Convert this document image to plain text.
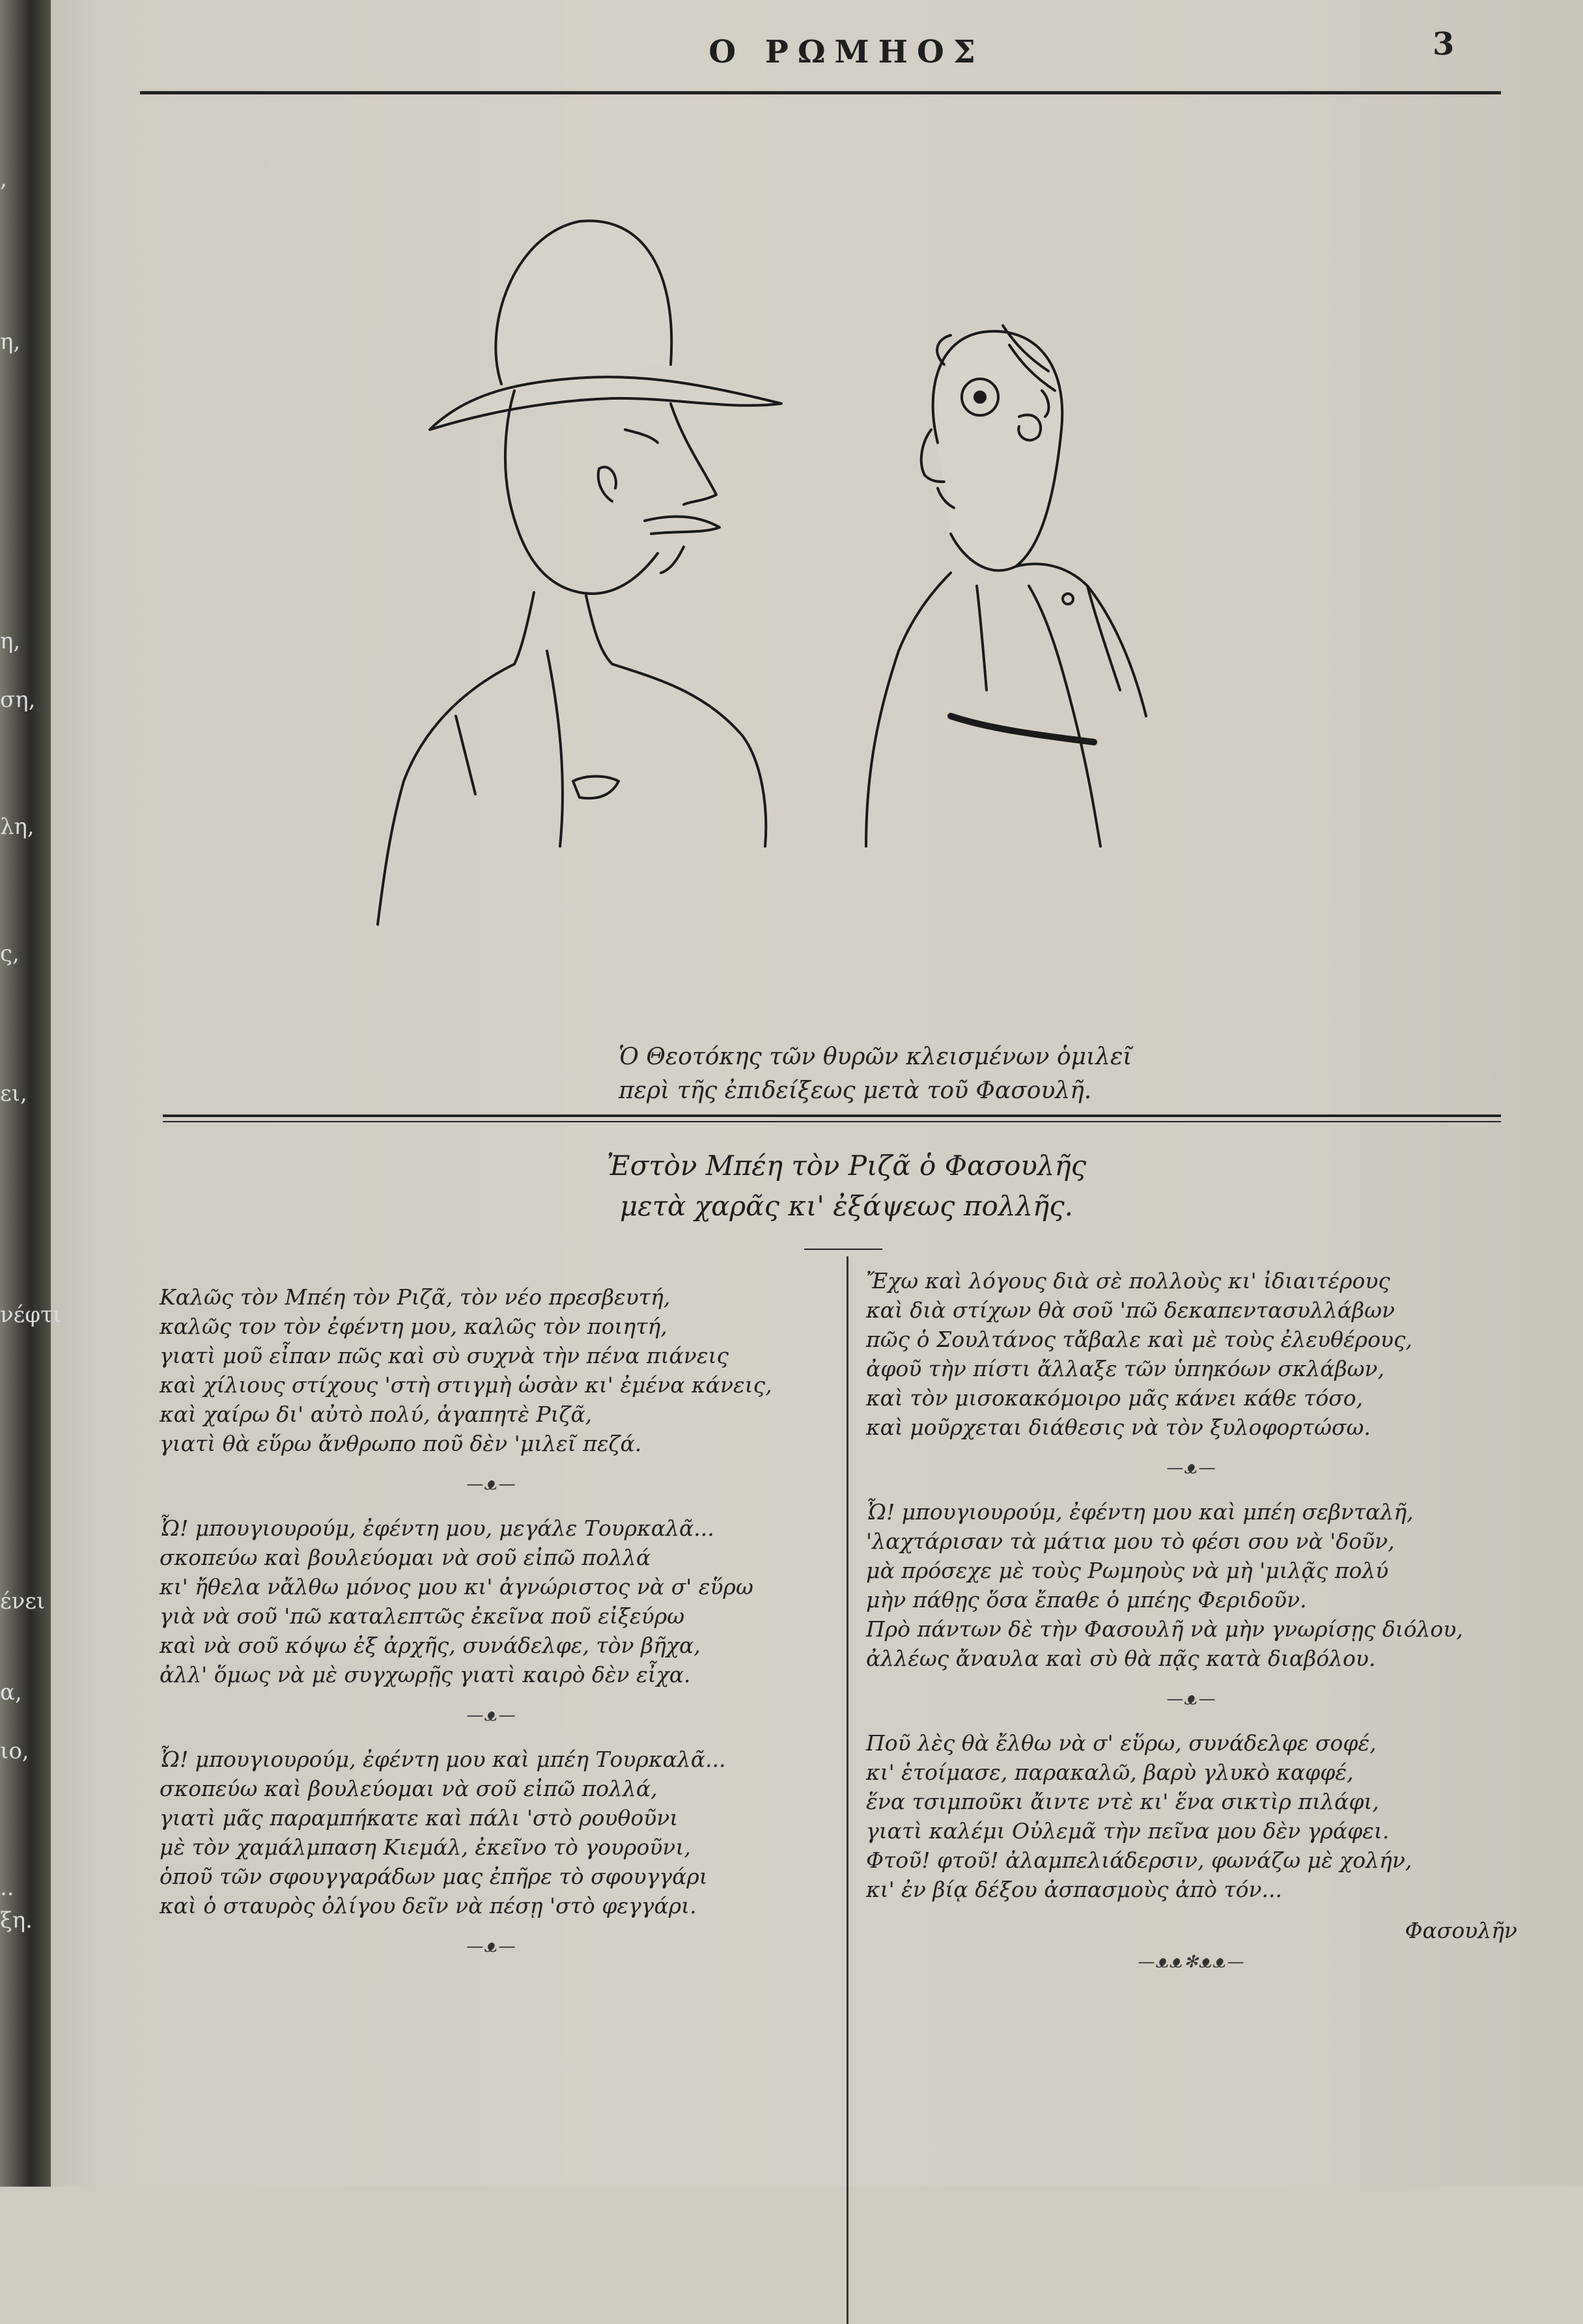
,
η,
η,
ση,
λη,
ς,
ει,
νέφτι
ένει
α,
ιο,
..
ξη.
Ο ΡΩΜΗΟΣ	3
Ὁ Θεοτόκης τῶν θυρῶν κλεισμένων ὁμιλεῖ
περὶ τῆς ἐπιδείξεως μετὰ τοῦ Φασουλῆ.
Ἐστὸν Μπέη τὸν Ριζᾶ ὁ Φασουλῆς
μετὰ χαρᾶς κι' ἐξάψεως πολλῆς.

Καλῶς τὸν Μπέη τὸν Ριζᾶ, τὸν νέο πρεσβευτή,

καλῶς τον τὸν ἐφέντη μου, καλῶς τὸν ποιητή,

γιατὶ μοῦ εἶπαν πῶς καὶ σὺ συχνὰ τὴν πένα πιάνεις

καὶ χίλιους στίχους 'στὴ στιγμὴ ὡσὰν κι' ἐμένα κάνεις,

καὶ χαίρω δι' αὐτὸ πολύ, ἀγαπητὲ Ριζᾶ,

γιατὶ θὰ εὕρω ἄνθρωπο ποῦ δὲν 'μιλεῖ πεζά.

—ᴥ—

Ὦ! μπουγιουρούμ, ἐφέντη μου, μεγάλε Τουρκαλᾶ...

σκοπεύω καὶ βουλεύομαι νὰ σοῦ εἰπῶ πολλά

κι' ἤθελα νἄλθω μόνος μου κι' ἀγνώριστος νὰ σ' εὕρω

γιὰ νὰ σοῦ 'πῶ καταλεπτῶς ἐκεῖνα ποῦ εἰξεύρω

καὶ νὰ σοῦ κόψω ἐξ ἀρχῆς, συνάδελφε, τὸν βῆχα,

ἀλλ' ὅμως νὰ μὲ συγχωρῇς γιατὶ καιρὸ δὲν εἶχα.

—ᴥ—

Ὦ! μπουγιουρούμ, ἐφέντη μου καὶ μπέη Τουρκαλᾶ...

σκοπεύω καὶ βουλεύομαι νὰ σοῦ εἰπῶ πολλά,

γιατὶ μᾶς παραμπήκατε καὶ πάλι 'στὸ ρουθοῦνι

μὲ τὸν χαμάλμπαση Κιεμάλ, ἐκεῖνο τὸ γουροῦνι,

ὁποῦ τῶν σφουγγαράδων μας ἐπῆρε τὸ σφουγγάρι

καὶ ὁ σταυρὸς ὀλίγου δεῖν νὰ πέσῃ 'στὸ φεγγάρι.

—ᴥ—

Ἔχω καὶ λόγους διὰ σὲ πολλοὺς κι' ἰδιαιτέρους

καὶ διὰ στίχων θὰ σοῦ 'πῶ δεκαπεντασυλλάβων

πῶς ὁ Σουλτάνος τἄβαλε καὶ μὲ τοὺς ἐλευθέρους,

ἀφοῦ τὴν πίστι ἄλλαξε τῶν ὑπηκόων σκλάβων,

καὶ τὸν μισοκακόμοιρο μᾶς κάνει κάθε τόσο,

καὶ μοῦρχεται διάθεσις νὰ τὸν ξυλοφορτώσω.

—ᴥ—

Ὦ! μπουγιουρούμ, ἐφέντη μου καὶ μπέη σεβνταλῆ,

'λαχτάρισαν τὰ μάτια μου τὸ φέσι σου νὰ 'δοῦν,

μὰ πρόσεχε μὲ τοὺς Ρωμηοὺς νὰ μὴ 'μιλᾷς πολύ

μὴν πάθῃς ὅσα ἔπαθε ὁ μπέης Φεριδοῦν.

Πρὸ πάντων δὲ τὴν Φασουλῆ νὰ μὴν γνωρίσῃς διόλου,

ἀλλέως ἄναυλα καὶ σὺ θὰ πᾷς κατὰ διαβόλου.

—ᴥ—

Ποῦ λὲς θὰ ἔλθω νὰ σ' εὕρω, συνάδελφε σοφέ,

κι' ἑτοίμασε, παρακαλῶ, βαρὺ γλυκὸ καφφέ,

ἕνα τσιμποῦκι ἄιντε ντὲ κι' ἕνα σικτὶρ πιλάφι,

γιατὶ καλέμι Οὐλεμᾶ τὴν πεῖνα μου δὲν γράφει.

Φτοῦ! φτοῦ! ἀλαμπελιάδερσιν, φωνάζω μὲ χολήν,

κι' ἐν βίᾳ δέξου ἀσπασμοὺς ἀπὸ τόν...

Φασουλῆν
—ᴥᴥ✻ᴥᴥ—
